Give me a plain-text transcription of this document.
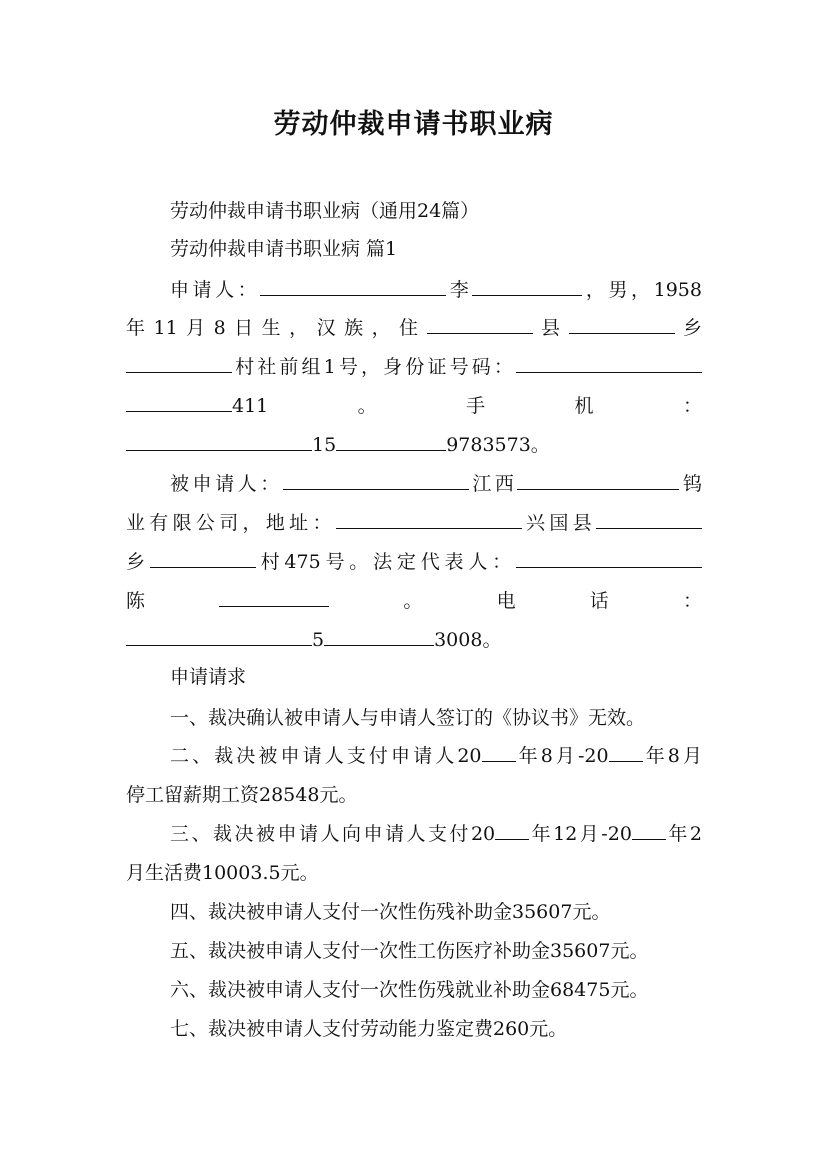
劳动仲裁申请书职业病

劳动仲裁申请书职业病（通用24篇）

劳动仲裁申请书职业病 篇1

申请人：	李	，男，1958

年11月8日生，汉族，住	县	乡

村社前组1号，身份证号码：

411。手机：

15	9783573。

被申请人：	江西	钨

业有限公司，地址：	兴国县

乡	村475号。法定代表人：

陈	。电话：

5	3008。

申请请求

一、裁决确认被申请人与申请人签订的《协议书》无效。

二、裁决被申请人支付申请人20 年8月-20 年8月

停工留薪期工资28548元。

三、裁决被申请人向申请人支付20 年12月-20 年2

月生活费10003.5元。

四、裁决被申请人支付一次性伤残补助金35607元。

五、裁决被申请人支付一次性工伤医疗补助金35607元。

六、裁决被申请人支付一次性伤残就业补助金68475元。

七、裁决被申请人支付劳动能力鉴定费260元。
